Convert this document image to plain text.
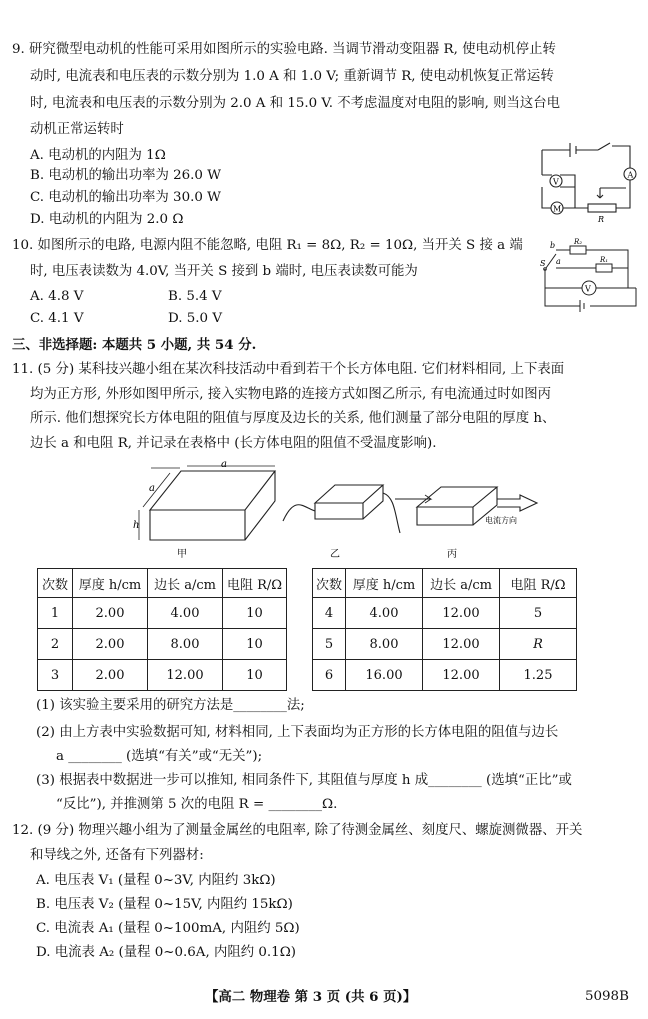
9. 研究微型电动机的性能可采用如图所示的实验电路. 当调节滑动变阻器 R, 使电动机停止转
动时, 电流表和电压表的示数分别为 1.0 A 和 1.0 V; 重新调节 R, 使电动机恢复正常运转
时, 电流表和电压表的示数分别为 2.0 A 和 15.0 V. 不考虑温度对电阻的影响, 则当这台电
动机正常运转时
A. 电动机的内阻为 1Ω
B. 电动机的输出功率为 26.0 W
C. 电动机的输出功率为 30.0 W
D. 电动机的内阻为 2.0 Ω
A
V
M
R
10. 如图所示的电路, 电源内阻不能忽略, 电阻 R₁ = 8Ω, R₂ = 10Ω, 当开关 S 接 a 端
时, 电压表读数为 4.0V, 当开关 S 接到 b 端时, 电压表读数可能为
A. 4.8 V	B. 5.4 V
C. 4.1 V	D. 5.0 V
b
a
S
R₂
R₁
V
三、非选择题: 本题共 5 小题, 共 54 分.
11. (5 分) 某科技兴趣小组在某次科技活动中看到若干个长方体电阻. 它们材料相同, 上下表面
均为正方形, 外形如图甲所示, 接入实物电路的连接方式如图乙所示, 有电流通过时如图丙
所示. 他们想探究长方体电阻的阻值与厚度及边长的关系, 他们测量了部分电阻的厚度 h、
边长 a 和电阻 R, 并记录在表格中 (长方体电阻的阻值不受温度影响).
a
a
h
甲	乙
电流方向
丙
次数	厚度 h/cm	边长 a/cm	电阻 R/Ω
1	2.00	4.00	10
2	2.00	8.00	10
3	2.00	12.00	10
次数	厚度 h/cm	边长 a/cm	电阻 R/Ω
4	4.00	12.00	5
5	8.00	12.00	R
6	16.00	12.00	1.25
(1) 该实验主要采用的研究方法是________法;
(2) 由上方表中实验数据可知, 材料相同, 上下表面均为正方形的长方体电阻的阻值与边长
a ________ (选填“有关”或“无关”);
(3) 根据表中数据进一步可以推知, 相同条件下, 其阻值与厚度 h 成________ (选填“正比”或
“反比”), 并推测第 5 次的电阻 R = ________Ω.
12. (9 分) 物理兴趣小组为了测量金属丝的电阻率, 除了待测金属丝、刻度尺、螺旋测微器、开关
和导线之外, 还备有下列器材:
A. 电压表 V₁ (量程 0~3V, 内阻约 3kΩ)
B. 电压表 V₂ (量程 0~15V, 内阻约 15kΩ)
C. 电流表 A₁ (量程 0~100mA, 内阻约 5Ω)
D. 电流表 A₂ (量程 0~0.6A, 内阻约 0.1Ω)
【高二 物理卷 第 3 页 (共 6 页)】	5098B
